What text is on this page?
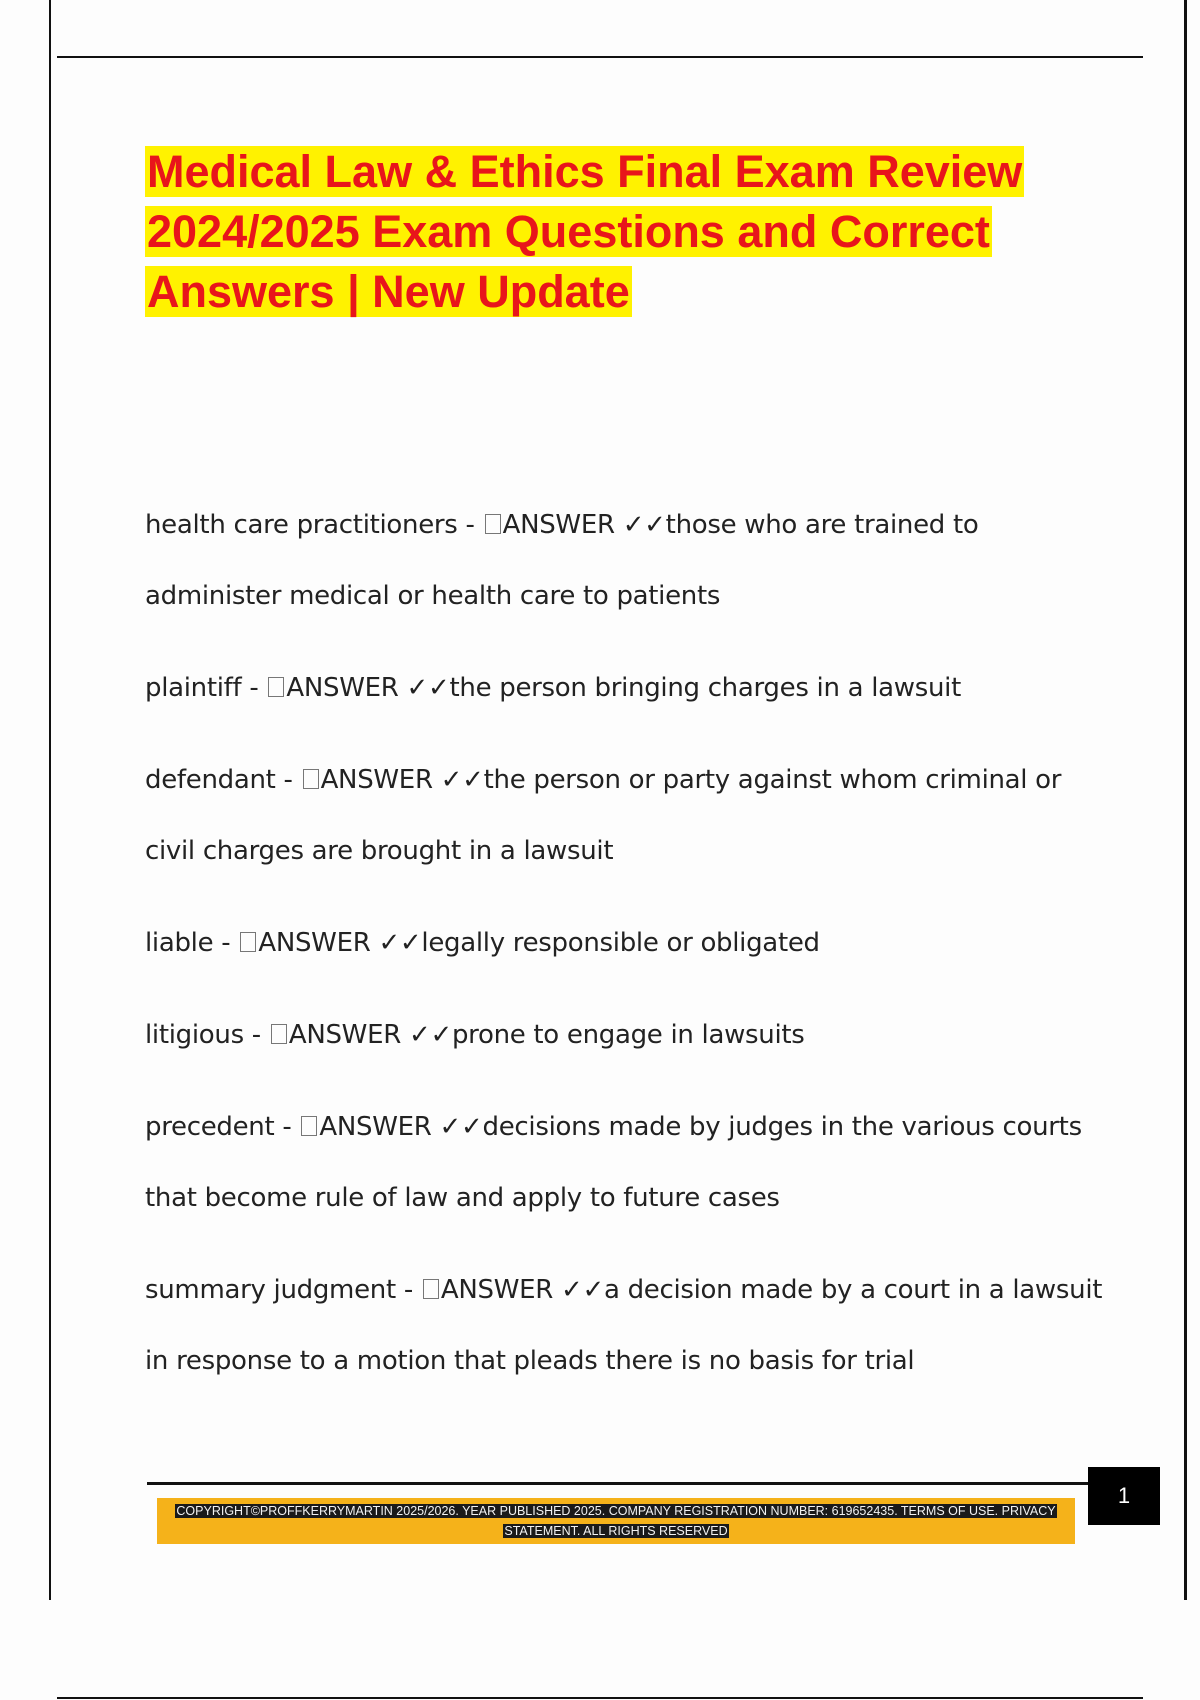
Medical Law & Ethics Final Exam Review 2024/2025 Exam Questions and Correct Answers | New Update

health care practitioners - ANSWER ✓✓those who are trained to administer medical or health care to patients

plaintiff - ANSWER ✓✓the person bringing charges in a lawsuit

defendant - ANSWER ✓✓the person or party against whom criminal or civil charges are brought in a lawsuit

liable - ANSWER ✓✓legally responsible or obligated

litigious - ANSWER ✓✓prone to engage in lawsuits

precedent - ANSWER ✓✓decisions made by judges in the various courts that become rule of law and apply to future cases

summary judgment - ANSWER ✓✓a decision made by a court in a lawsuit in response to a motion that pleads there is no basis for trial

1
COPYRIGHT©PROFFKERRYMARTIN 2025/2026. YEAR PUBLISHED 2025. COMPANY REGISTRATION NUMBER: 619652435. TERMS OF USE. PRIVACY STATEMENT. ALL RIGHTS RESERVED
